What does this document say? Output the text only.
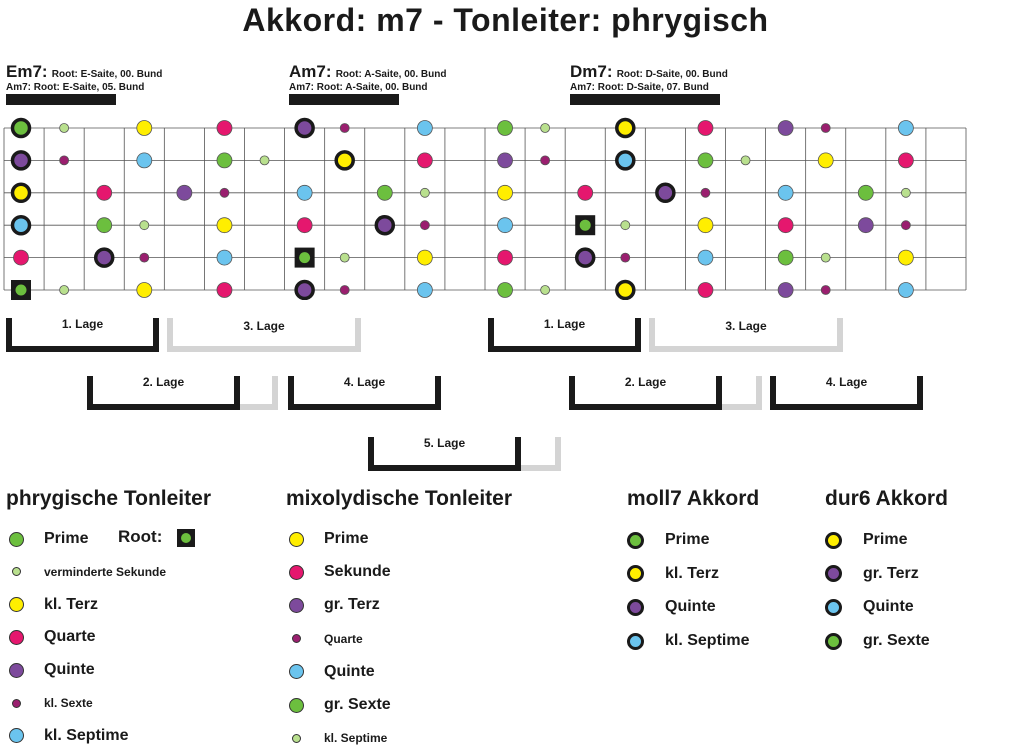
Akkord: m7 - Tonleiter: phrygisch
Em7: Root: E-Saite, 00. Bund
Am7: Root: E-Saite, 05. Bund
Am7: Root: A-Saite, 00. Bund
Am7: Root: A-Saite, 00. Bund
Dm7: Root: D-Saite, 00. Bund
Am7: Root: D-Saite, 07. Bund
1. Lage	3. Lage	1. Lage	3. Lage
2. Lage	4. Lage	2. Lage	4. Lage
5. Lage
phrygische Tonleiter
Root:
Prime
verminderte Sekunde
kl. Terz
Quarte
Quinte
kl. Sexte
kl. Septime
mixolydische Tonleiter
Prime
Sekunde
gr. Terz
Quarte
Quinte
gr. Sexte
kl. Septime
moll7 Akkord
Prime
kl. Terz
Quinte
kl. Septime
dur6 Akkord
Prime
gr. Terz
Quinte
gr. Sexte
